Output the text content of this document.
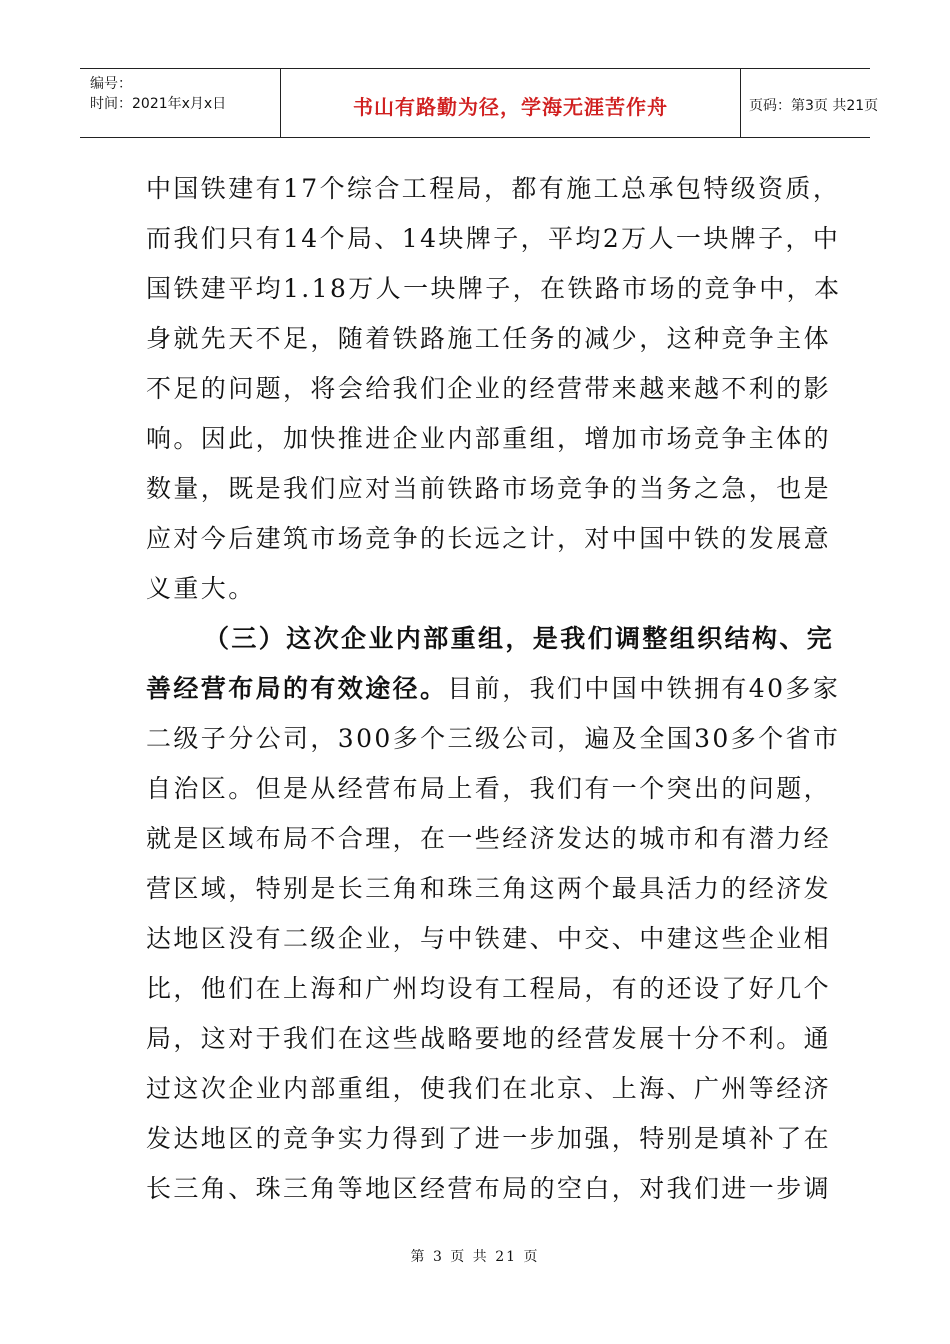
编号：
时间：2021年x月x日	书山有路勤为径，学海无涯苦作舟	页码：第3页 共21页
中国铁建有17个综合工程局，都有施工总承包特级资质，
而我们只有14个局、14块牌子，平均2万人一块牌子，中
国铁建平均1.18万人一块牌子，在铁路市场的竞争中，本
身就先天不足，随着铁路施工任务的减少，这种竞争主体
不足的问题，将会给我们企业的经营带来越来越不利的影
响。因此，加快推进企业内部重组，增加市场竞争主体的
数量，既是我们应对当前铁路市场竞争的当务之急，也是
应对今后建筑市场竞争的长远之计，对中国中铁的发展意
义重大。
（三）这次企业内部重组，是我们调整组织结构、完
善经营布局的有效途径。目前，我们中国中铁拥有40多家
二级子分公司，300多个三级公司，遍及全国30多个省市
自治区。但是从经营布局上看，我们有一个突出的问题，
就是区域布局不合理，在一些经济发达的城市和有潜力经
营区域，特别是长三角和珠三角这两个最具活力的经济发
达地区没有二级企业，与中铁建、中交、中建这些企业相
比，他们在上海和广州均设有工程局，有的还设了好几个
局，这对于我们在这些战略要地的经营发展十分不利。通
过这次企业内部重组，使我们在北京、上海、广州等经济
发达地区的竞争实力得到了进一步加强，特别是填补了在
长三角、珠三角等地区经营布局的空白，对我们进一步调
第 3 页 共 21 页
